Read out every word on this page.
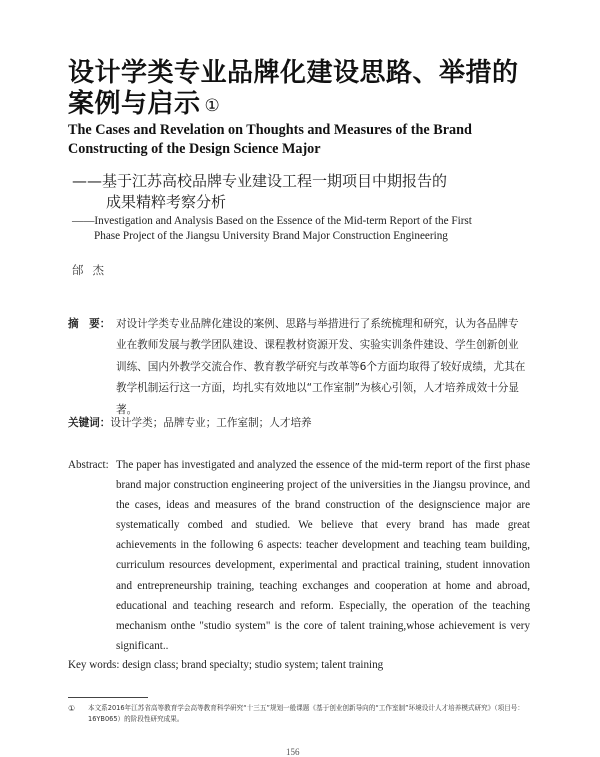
设计学类专业品牌化建设思路、举措的案例与启示 ①
The Cases and Revelation on Thoughts and Measures of the Brand Constructing of the Design Science Major
——基于江苏高校品牌专业建设工程一期项目中期报告的
成果精粹考察分析
——Investigation and Analysis Based on the Essence of the Mid-term Report of the First
Phase Project of the Jiangsu University Brand Major Construction Engineering
邰杰
摘　要： 对设计学类专业品牌化建设的案例、思路与举措进行了系统梳理和研究，认为各品牌专业在教师发展与教学团队建设、课程教材资源开发、实验实训条件建设、学生创新创业训练、国内外教学交流合作、教育教学研究与改革等6个方面均取得了较好成绩，尤其在教学机制运行这一方面，均扎实有效地以“工作室制”为核心引领，人才培养成效十分显著。
关键词：设计学类；品牌专业；工作室制；人才培养
Abstract: The paper has investigated and analyzed the essence of the mid-term report of the first phase brand major construction engineering project of the universities in the Jiangsu province, and the cases, ideas and measures of the brand construction of the designscience major are systematically combed and studied. We believe that every brand has made great achievements in the following 6 aspects: teacher development and teaching team building, curriculum resources development, experimental and practical training, student innovation and entrepreneurship training, teaching exchanges and cooperation at home and abroad, educational and teaching research and reform. Especially, the operation of the teaching mechanism onthe "studio system" is the core of talent training,whose achievement is very significant..
Key words: design class; brand specialty; studio system; talent training
①	本文系2016年江苏省高等教育学会高等教育科学研究“十三五”规划一般课题《基于创业创新导向的“工作室制”环境设计人才培养模式研究》（项目号：16YB065）的阶段性研究成果。
156
